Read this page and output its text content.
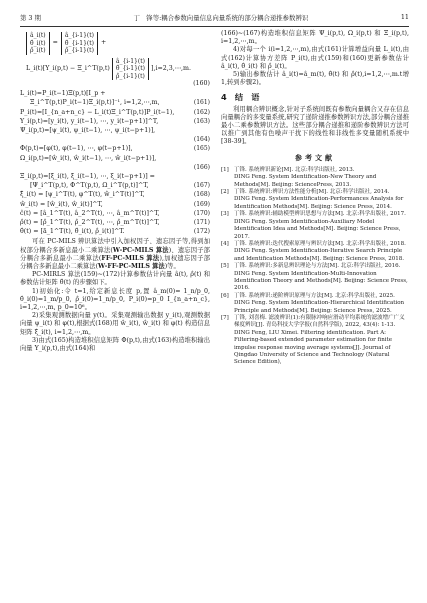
第 3 期	丁　锋等:耦合参数向量信息向量系统的部分耦合递推参数辨识	11
â_i(t)
θ̂_i(t)
ρ̂_i(t)
=
â_{i-1}(t)
θ̂_{i-1}(t)
ρ̂_{i-1}(t)
+
L_i(t)[Y_i(p,t) − Ξ_i^T(p,t)
â_{i-1}(t)
θ̂_{i-1}(t)
ρ̂_{i-1}(t)
],i=2,3,⋯,m.
(160)
L_i(t)=P_i(t−1)Ξ(p,t)[I_p +
Ξ_i^T(p,t)P_i(t−1)Ξ_i(p,t)]⁻¹, i=1,2,⋯,m,	(161)
P_i(t)=[I_{n_a+n_c} − L_i(t)Ξ_i^T(p,t)]P_i(t−1),	(162)
Y_i(p,t)=[y_i(t), y_i(t−1), ⋯, y_i(t−p+1)]^T,	(163)
Ψ_i(p,t)=[ψ_i(t), ψ_i(t−1), ⋯, ψ_i(t−p+1)],
(164)
Φ(p,t)=[φ(t), φ(t−1), ⋯, φ(t−p+1)],	(165)
Ω_i(p,t)=[ŵ_i(t), ŵ_i(t−1), ⋯, ŵ_i(t−p+1)],
(166)
Ξ_i(p,t)=[ξ_i(t), ξ_i(t−1), ⋯, ξ_i(t−p+1)] =
[Ψ_i^T(p,t), Φ^T(p,t), Ω_i^T(p,t)]^T,	(167)
ξ̂_i(t) = [ψ_i^T(t), φ^T(t), ŵ_i^T(t)]^T,	(168)
ŵ_i(t) = [ŵ_i(t), ŵ_i(t)]^T,	(169)
ĉ(t) = [â_1^T(t), â_2^T(t), ⋯, â_m^T(t)]^T,	(170)
ρ̂(t) = [ρ̂_1^T(t), ρ̂_2^T(t), ⋯, ρ̂_m^T(t)]^T,	(171)
θ̂(t) = [ã_1^T(t), θ̂_i(t), ρ̂_i(t)]^T.	(172)

可在 PC-MILS 辨识算法中引入加权因子、遗忘因子等,得到加权部分耦合多新息最小二乘算法(W-PC-MILS 算法)、遗忘因子部分耦合多新息最小二乘算法(FF-PC-MILS 算法),加权遗忘因子部分耦合多新息最小二乘算法(W-FF-PC-MILS 算法)等。

PC-MIRLS 算法(159)~(172)计算参数估计向量 â(t), ρ̂(t) 和参数估计矩阵 θ̂(t) 的步骤如下。

1)初始化:令 t=1,给定新息长度 p,置 â_m(0)= 1_n/p_0, θ̂_i(0)=1_m/p_0, ρ̂_i(0)=1_n/p_0, P_i(0)=p_0 I_{n_a+n_c}, i=1,2,⋯,m, p_0=10⁶。

2)采集观测数据向量 y(t)。采集观测输出数据 y_i(t),观测数据向量 ψ_i(t) 和 φ(t),根据式(168)用 ŵ_i(t), ŵ_i(t) 和 φ(t) 构造信息矩阵 ξ̂_i(t), i=1,2,⋯,m。

3)由式(165)构造堆积信息矩阵 Φ(p,t),由式(163)构造堆积输出向量 Y_i(p,t),由式(164)和

(166)~(167)构造堆积信息矩阵 Ψ_i(p,t), Ω_i(p,t) 和 Ξ_i(p,t), i=1,2,⋯,m。

4)对每一个 i(i=1,2,⋯,m),由式(161)计算增益向量 L_i(t),由式(162)计算协方差阵 P_i(t),由式(159)和(160)更新参数估计 â_i(t), θ̂_i(t) 和 ρ̂_i(t)。

5)输出参数估计 â_i(t)=â_m(t), θ̂(t) 和 ρ̂(t),i=1,2,⋯,m.t增1,转到步骤2)。

4　结　语

利用耦合辨识概念,针对子系统间既有参数向量耦合又存在信息向量耦合的多变量系统,研究了递阶递推参数辨识方法,部分耦合递推最小二乘参数辨识方法。这些部分耦合递推和递阶参数辨识方法可以推广到其他有色噪声干扰下的线性和非线性多变量随机系统中[38-39]。

参考文献
[1] 丁锋. 系统辨识新论[M]. 北京:科学出版社, 2013.
DING Feng. System Identification-New Theory and Methods[M]. Beijing: SciencePress, 2013.
[2] 丁锋. 系统辨识:辨识方法性能分析[M]. 北京:科学出版社, 2014.
DING Feng. System Identification-Performances Analysis for Identification Methods[M]. Beijing: Science Press, 2014.
[3] 丁锋. 系统辨识:辅助模型辨识思想与方法[M]. 北京:科学出版社, 2017.
DING Feng. System Identification-Auxiliary Model Identification Idea and Methods[M]. Beijing: Science Press, 2017.
[4] 丁锋. 系统辨识:迭代搜索原理与辨识方法[M]. 北京:科学出版社, 2018.
DING Feng. System Identification-Iterative Search Principle and Identification Methods[M]. Beijing: Science Press, 2018.
[5] 丁锋. 系统辨识:多新息辨识理论与方法[M]. 北京:科学出版社, 2016.
DING Feng. System Identification-Multi-Innovation Identification Theory and Methods[M]. Beijing: Science Press, 2016.
[6] 丁锋. 系统辨识:递阶辨识原理与方法[M]. 北京:科学出版社, 2025.
DING Feng. System Identification-Hierarchical Identification Principle and Methods[M]. Beijing: Science Press, 2025.
[7] 丁锋, 刘喜梅. 滤波辨识(1):有限脉冲响应滑动平均系统的滤波增广广义梯度辨识[J]. 青岛科技大学学报(自然科学版), 2022, 43(4): 1-13.
DING Feng, LIU Ximei. Filtering identification. Part A: Filtering-based extended parameter estimation for finite impulse response moving average systems[J]. Journal of Qingdao University of Science and Technology (Natural Science Edition),
